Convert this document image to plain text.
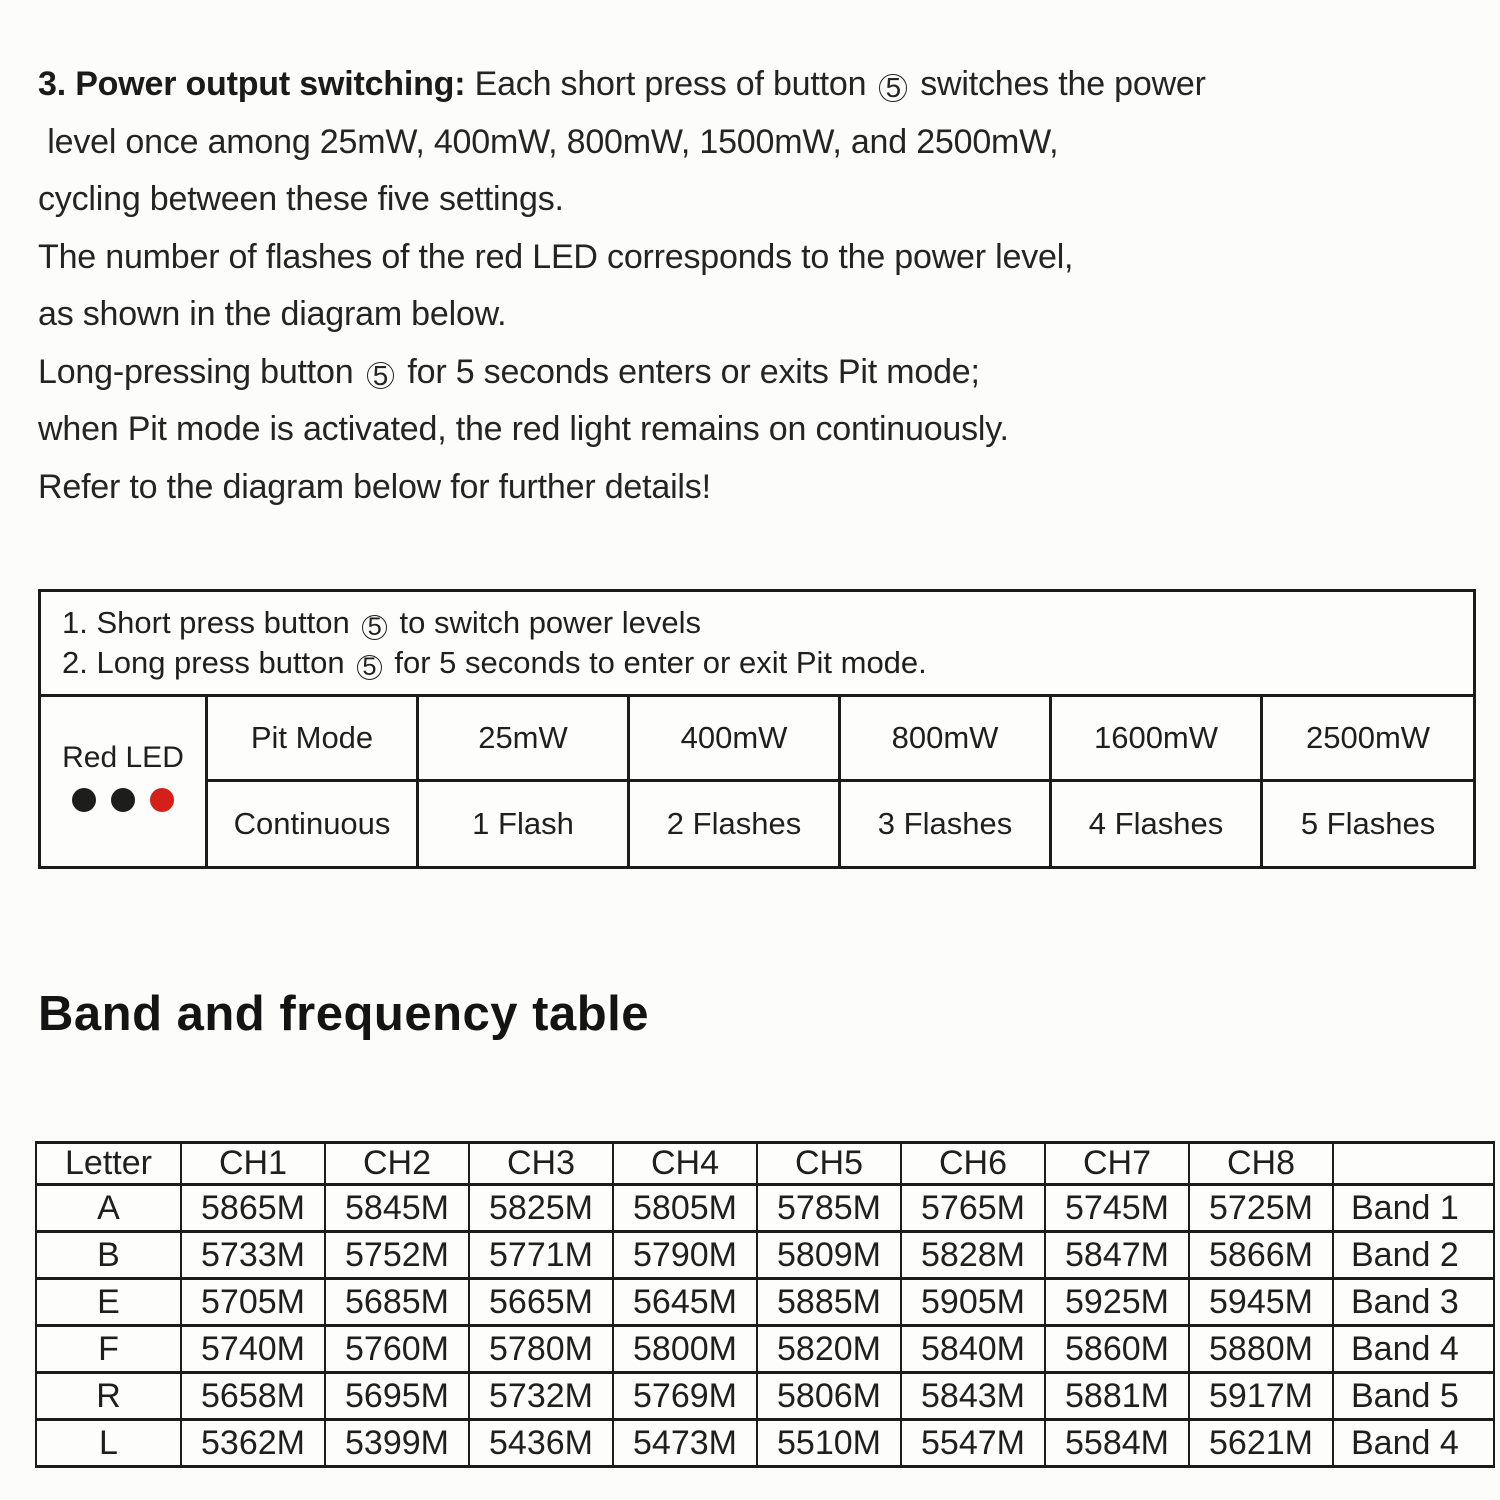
3. Power output switching: Each short press of button 5 switches the power
level once among 25mW, 400mW, 800mW, 1500mW, and 2500mW,
cycling between these five settings.
The number of flashes of the red LED corresponds to the power level,
as shown in the diagram below.
Long-pressing button 5 for 5 seconds enters or exits Pit mode;
when Pit mode is activated, the red light remains on continuously.
Refer to the diagram below for further details!
1. Short press button 5 to switch power levels
2. Long press button 5 for 5 seconds to enter or exit Pit mode.						

Red LED	Pit Mode	25mW	400mW	800mW	1600mW	2500mW
	Continuous	1 Flash	2 Flashes	3 Flashes	4 Flashes	5 Flashes
Band and frequency table
Letter	CH1	CH2	CH3	CH4	CH5	CH6	CH7	CH8	
A	5865M	5845M	5825M	5805M	5785M	5765M	5745M	5725M	Band 1
B	5733M	5752M	5771M	5790M	5809M	5828M	5847M	5866M	Band 2
E	5705M	5685M	5665M	5645M	5885M	5905M	5925M	5945M	Band 3
F	5740M	5760M	5780M	5800M	5820M	5840M	5860M	5880M	Band 4
R	5658M	5695M	5732M	5769M	5806M	5843M	5881M	5917M	Band 5
L	5362M	5399M	5436M	5473M	5510M	5547M	5584M	5621M	Band 4
